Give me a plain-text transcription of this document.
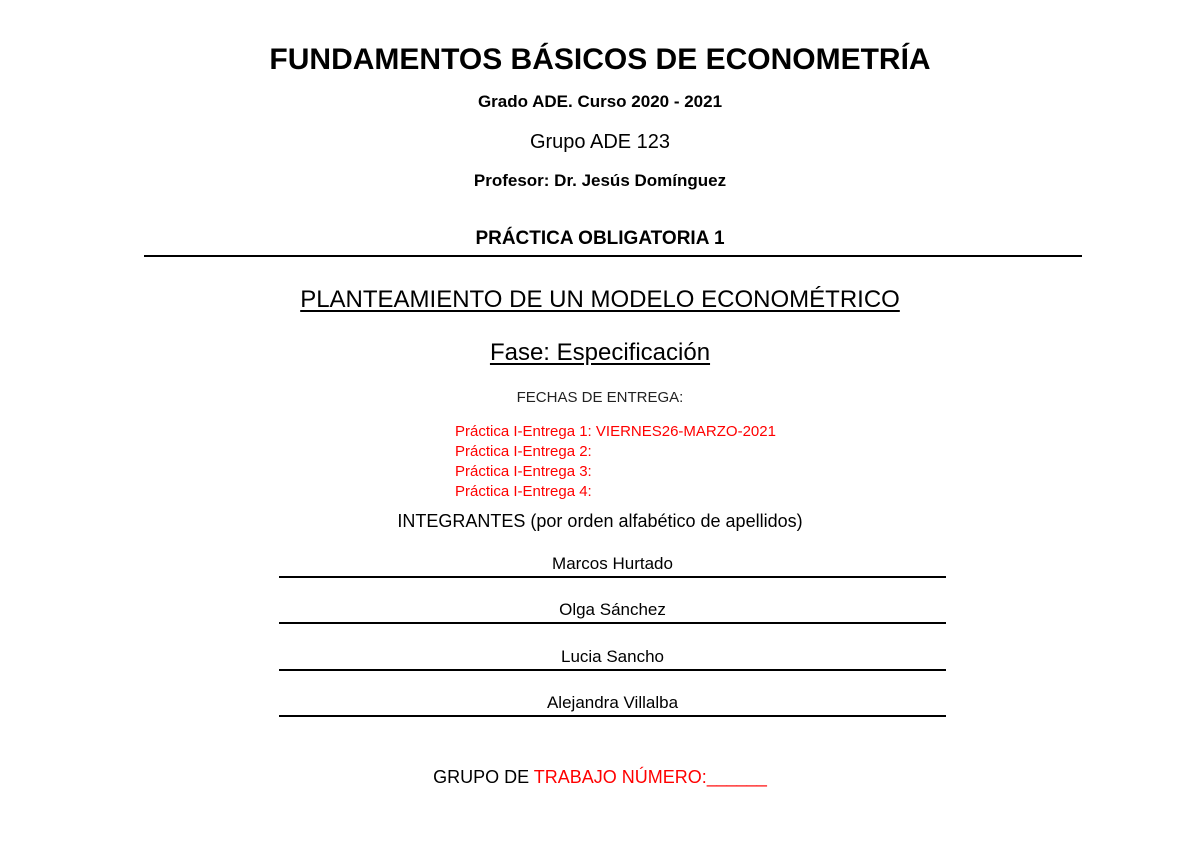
FUNDAMENTOS BÁSICOS DE ECONOMETRÍA
Grado ADE. Curso 2020 - 2021
Grupo ADE 123
Profesor: Dr. Jesús Domínguez
PRÁCTICA OBLIGATORIA 1
PLANTEAMIENTO DE UN MODELO ECONOMÉTRICO
Fase: Especificación
FECHAS DE ENTREGA:
Práctica I-Entrega 1: VIERNES26-MARZO-2021
Práctica I-Entrega 2:
Práctica I-Entrega 3:
Práctica I-Entrega 4:
INTEGRANTES (por orden alfabético de apellidos)
Marcos Hurtado
Olga Sánchez
Lucia Sancho
Alejandra Villalba
GRUPO DE TRABAJO NÚMERO:______
